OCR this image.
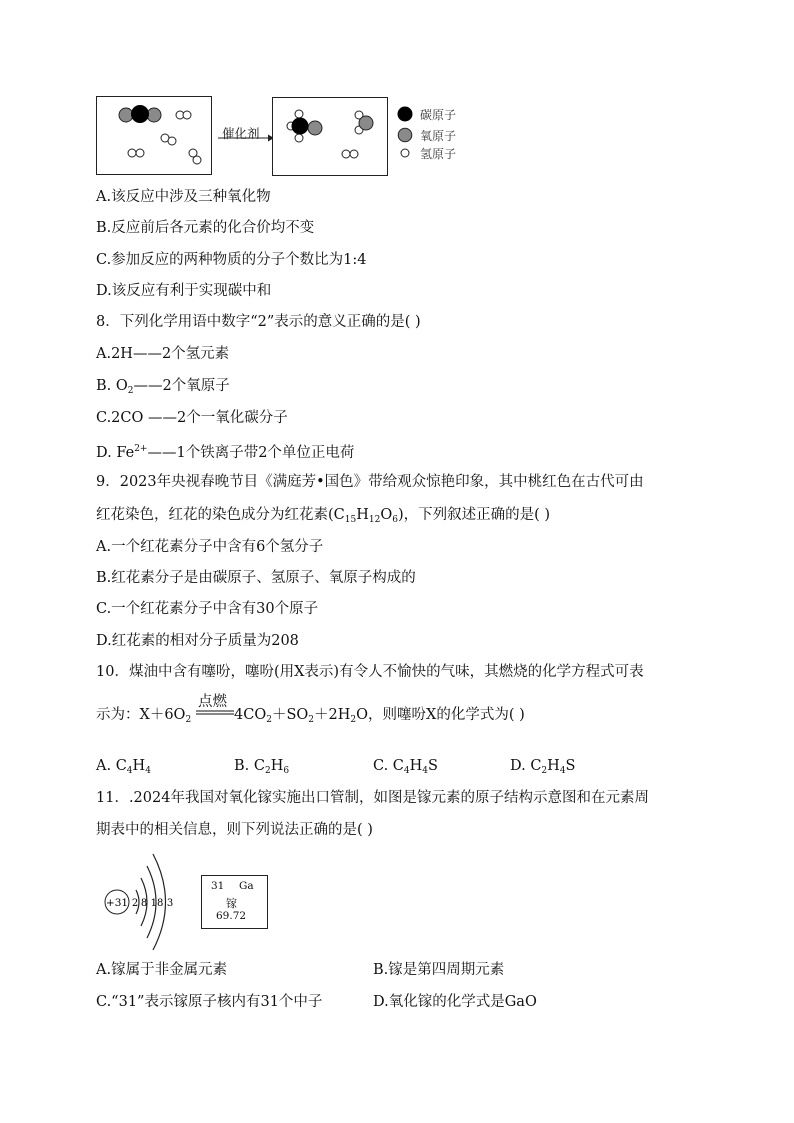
催化剂
碳原子
氧原子
氢原子
A.该反应中涉及三种氧化物
B.反应前后各元素的化合价均不变
C.参加反应的两种物质的分子个数比为1:4
D.该反应有利于实现碳中和
8．下列化学用语中数字“2”表示的意义正确的是( )
A.2H——2个氢元素
B. $O_2——2$个氧原子
C.2CO ——2个一氧化碳分子
D. $Fe^{2+}——1$个铁离子带2个单位正电荷
9．2023年央视春晚节目《满庭芳•国色》带给观众惊艳印象，其中桃红色在古代可由
红花染色，红花的染色成分为红花素$(C_{15}H_{12}O_6)$，下列叙述正确的是( )
A.一个红花素分子中含有6个氢分子
B.红花素分子是由碳原子、氢原子、氧原子构成的
C.一个红花素分子中含有30个原子
D.红花素的相对分子质量为208
10．煤油中含有噻吩，噻吩(用X表示)有令人不愉快的气味，其燃烧的化学方程式可表
点燃
示为：$X+6O_2$	$4CO_2+SO_2+2H_2O$，则噻吩X的化学式为( )
A. $C_4H_4$	B. $C_2H_6$	C. $C_4H_4S$	D. $C_2H_4S$
11．.2024年我国对氧化镓实施出口管制，如图是镓元素的原子结构示意图和在元素周
期表中的相关信息，则下列说法正确的是( )
+31 2 8 18 3
31 Ga
镓
69.72
A.镓属于非金属元素	B.镓是第四周期元素
C.“31”表示镓原子核内有31个中子	D.氧化镓的化学式是GaO
